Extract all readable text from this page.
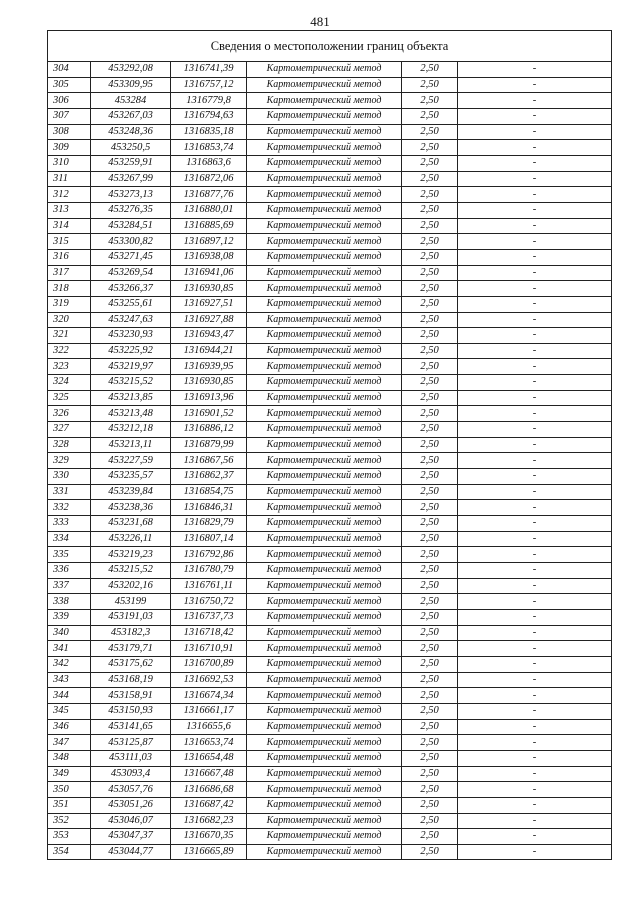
481
Сведения о местоположении границ объекта					
304	453292,08	1316741,39	Картометрический метод	2,50	-
305	453309,95	1316757,12	Картометрический метод	2,50	-
306	453284	1316779,8	Картометрический метод	2,50	-
307	453267,03	1316794,63	Картометрический метод	2,50	-
308	453248,36	1316835,18	Картометрический метод	2,50	-
309	453250,5	1316853,74	Картометрический метод	2,50	-
310	453259,91	1316863,6	Картометрический метод	2,50	-
311	453267,99	1316872,06	Картометрический метод	2,50	-
312	453273,13	1316877,76	Картометрический метод	2,50	-
313	453276,35	1316880,01	Картометрический метод	2,50	-
314	453284,51	1316885,69	Картометрический метод	2,50	-
315	453300,82	1316897,12	Картометрический метод	2,50	-
316	453271,45	1316938,08	Картометрический метод	2,50	-
317	453269,54	1316941,06	Картометрический метод	2,50	-
318	453266,37	1316930,85	Картометрический метод	2,50	-
319	453255,61	1316927,51	Картометрический метод	2,50	-
320	453247,63	1316927,88	Картометрический метод	2,50	-
321	453230,93	1316943,47	Картометрический метод	2,50	-
322	453225,92	1316944,21	Картометрический метод	2,50	-
323	453219,97	1316939,95	Картометрический метод	2,50	-
324	453215,52	1316930,85	Картометрический метод	2,50	-
325	453213,85	1316913,96	Картометрический метод	2,50	-
326	453213,48	1316901,52	Картометрический метод	2,50	-
327	453212,18	1316886,12	Картометрический метод	2,50	-
328	453213,11	1316879,99	Картометрический метод	2,50	-
329	453227,59	1316867,56	Картометрический метод	2,50	-
330	453235,57	1316862,37	Картометрический метод	2,50	-
331	453239,84	1316854,75	Картометрический метод	2,50	-
332	453238,36	1316846,31	Картометрический метод	2,50	-
333	453231,68	1316829,79	Картометрический метод	2,50	-
334	453226,11	1316807,14	Картометрический метод	2,50	-
335	453219,23	1316792,86	Картометрический метод	2,50	-
336	453215,52	1316780,79	Картометрический метод	2,50	-
337	453202,16	1316761,11	Картометрический метод	2,50	-
338	453199	1316750,72	Картометрический метод	2,50	-
339	453191,03	1316737,73	Картометрический метод	2,50	-
340	453182,3	1316718,42	Картометрический метод	2,50	-
341	453179,71	1316710,91	Картометрический метод	2,50	-
342	453175,62	1316700,89	Картометрический метод	2,50	-
343	453168,19	1316692,53	Картометрический метод	2,50	-
344	453158,91	1316674,34	Картометрический метод	2,50	-
345	453150,93	1316661,17	Картометрический метод	2,50	-
346	453141,65	1316655,6	Картометрический метод	2,50	-
347	453125,87	1316653,74	Картометрический метод	2,50	-
348	453111,03	1316654,48	Картометрический метод	2,50	-
349	453093,4	1316667,48	Картометрический метод	2,50	-
350	453057,76	1316686,68	Картометрический метод	2,50	-
351	453051,26	1316687,42	Картометрический метод	2,50	-
352	453046,07	1316682,23	Картометрический метод	2,50	-
353	453047,37	1316670,35	Картометрический метод	2,50	-
354	453044,77	1316665,89	Картометрический метод	2,50	-
